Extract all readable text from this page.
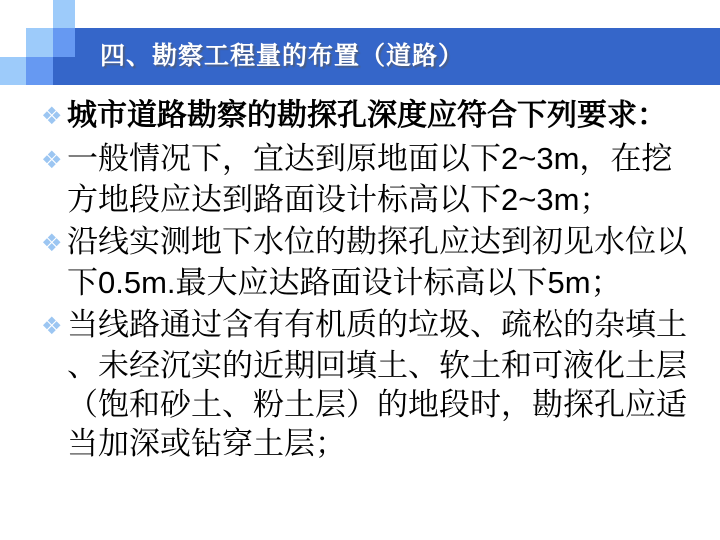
四、勘察工程量的布置（道路）

❖ 城市道路勘察的勘探孔深度应符合下列要求：

❖ 一般情况下，宜达到原地面以下2~3m，在挖方地段应达到路面设计标高以下2~3m；

❖ 沿线实测地下水位的勘探孔应达到初见水位以下0.5m.最大应达路面设计标高以下5m；

❖ 当线路通过含有有机质的垃圾、疏松的杂填土、未经沉实的近期回填土、软土和可液化土层（饱和砂土、粉土层）的地段时，勘探孔应适当加深或钻穿土层；
